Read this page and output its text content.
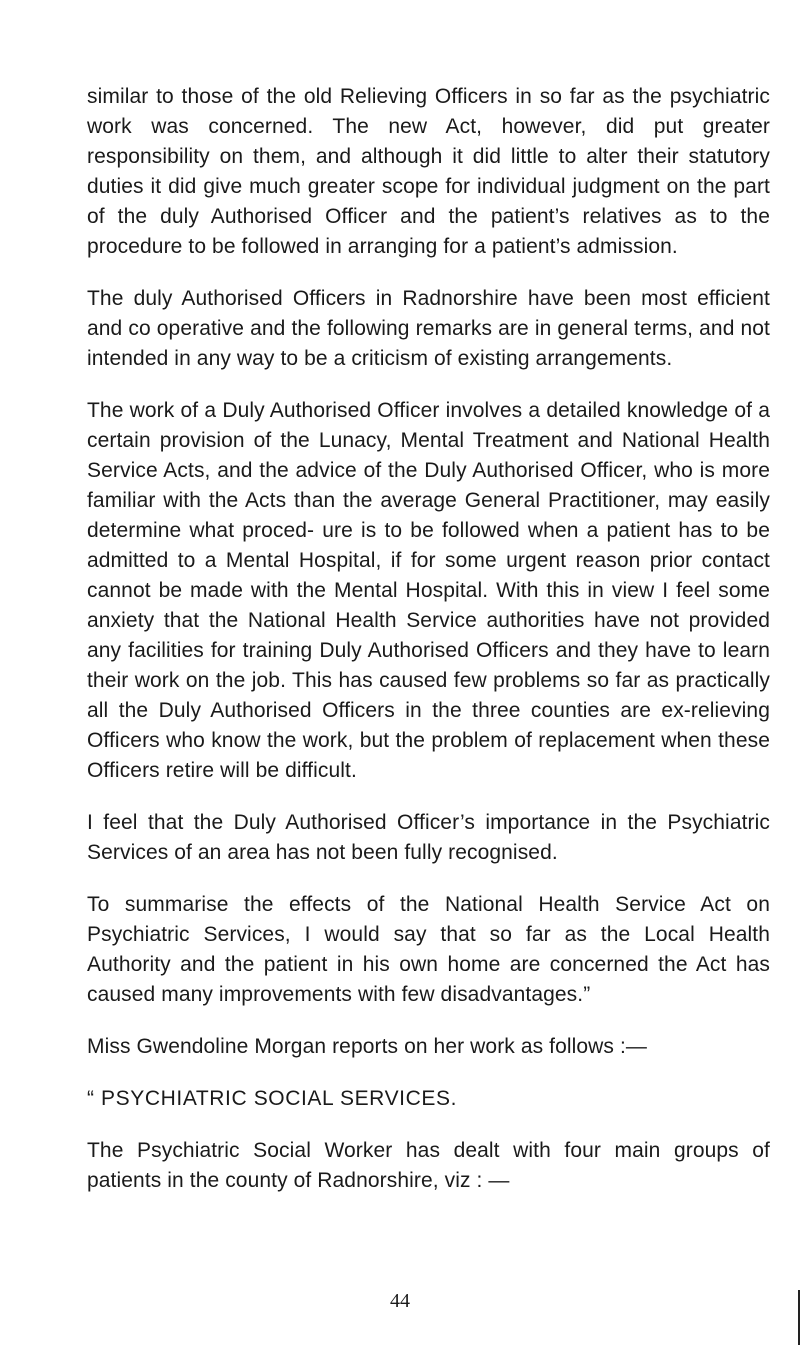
similar to those of the old Relieving Officers in so far as the psychiatric work was concerned. The new Act, however, did put greater responsibility on them, and although it did little to alter their statutory duties it did give much greater scope for individual judgment on the part of the duly Authorised Officer and the patient’s relatives as to the procedure to be followed in arranging for a patient’s admission.

The duly Authorised Officers in Radnorshire have been most efficient and co operative and the following remarks are in general terms, and not intended in any way to be a criticism of existing arrangements.

The work of a Duly Authorised Officer involves a detailed knowledge of a certain provision of the Lunacy, Mental Treatment and National Health Service Acts, and the advice of the Duly Authorised Officer, who is more familiar with the Acts than the average General Practitioner, may easily determine what proced- ure is to be followed when a patient has to be admitted to a Mental Hospital, if for some urgent reason prior contact cannot be made with the Mental Hospital. With this in view I feel some anxiety that the National Health Service authorities have not provided any facilities for training Duly Authorised Officers and they have to learn their work on the job. This has caused few problems so far as practically all the Duly Authorised Officers in the three counties are ex-relieving Officers who know the work, but the problem of replacement when these Officers retire will be difficult.

I feel that the Duly Authorised Officer’s importance in the Psychiatric Services of an area has not been fully recognised.

To summarise the effects of the National Health Service Act on Psychiatric Services, I would say that so far as the Local Health Authority and the patient in his own home are concerned the Act has caused many improvements with few disadvantages.”

Miss Gwendoline Morgan reports on her work as follows :—

“ PSYCHIATRIC SOCIAL SERVICES.

The Psychiatric Social Worker has dealt with four main groups of patients in the county of Radnorshire, viz : —

44
